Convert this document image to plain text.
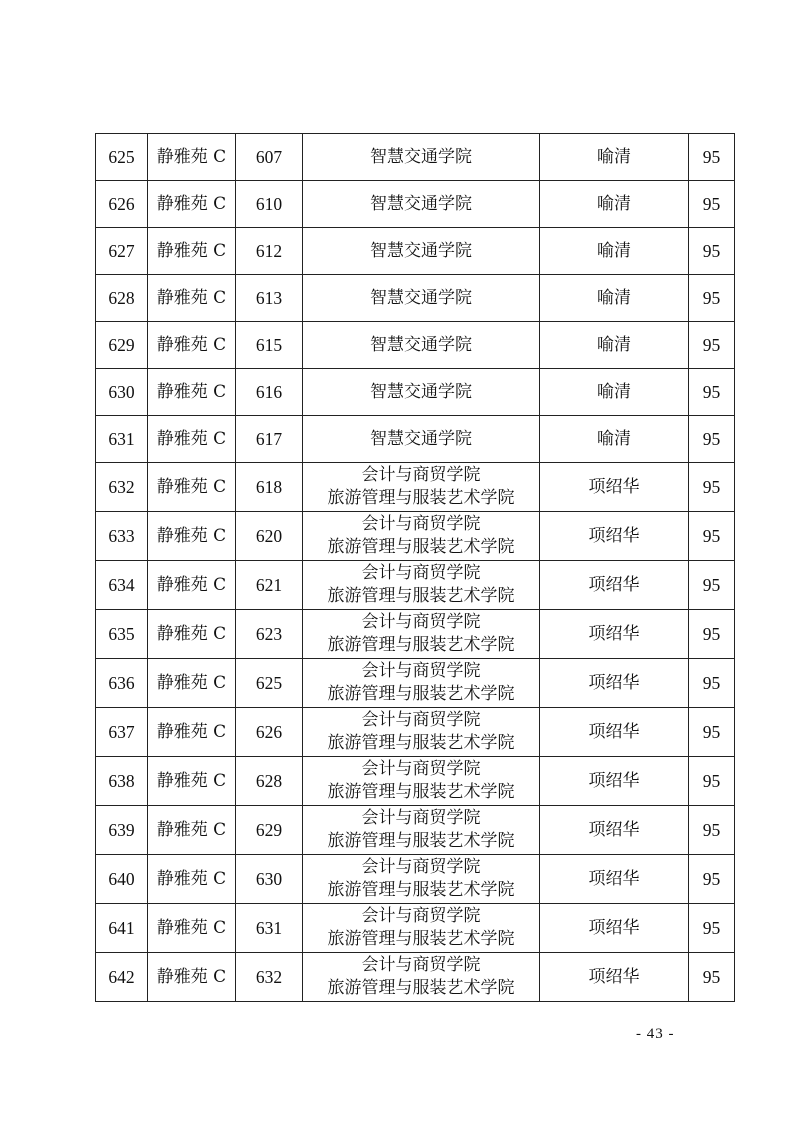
625	静雅苑 C	607	智慧交通学院	喻清	95
626	静雅苑 C	610	智慧交通学院	喻清	95
627	静雅苑 C	612	智慧交通学院	喻清	95
628	静雅苑 C	613	智慧交通学院	喻清	95
629	静雅苑 C	615	智慧交通学院	喻清	95
630	静雅苑 C	616	智慧交通学院	喻清	95
631	静雅苑 C	617	智慧交通学院	喻清	95
632	静雅苑 C	618	会计与商贸学院
旅游管理与服装艺术学院	项绍华	95
633	静雅苑 C	620	会计与商贸学院
旅游管理与服装艺术学院	项绍华	95
634	静雅苑 C	621	会计与商贸学院
旅游管理与服装艺术学院	项绍华	95
635	静雅苑 C	623	会计与商贸学院
旅游管理与服装艺术学院	项绍华	95
636	静雅苑 C	625	会计与商贸学院
旅游管理与服装艺术学院	项绍华	95
637	静雅苑 C	626	会计与商贸学院
旅游管理与服装艺术学院	项绍华	95
638	静雅苑 C	628	会计与商贸学院
旅游管理与服装艺术学院	项绍华	95
639	静雅苑 C	629	会计与商贸学院
旅游管理与服装艺术学院	项绍华	95
640	静雅苑 C	630	会计与商贸学院
旅游管理与服装艺术学院	项绍华	95
641	静雅苑 C	631	会计与商贸学院
旅游管理与服装艺术学院	项绍华	95
642	静雅苑 C	632	会计与商贸学院
旅游管理与服装艺术学院	项绍华	95
- 43 -
